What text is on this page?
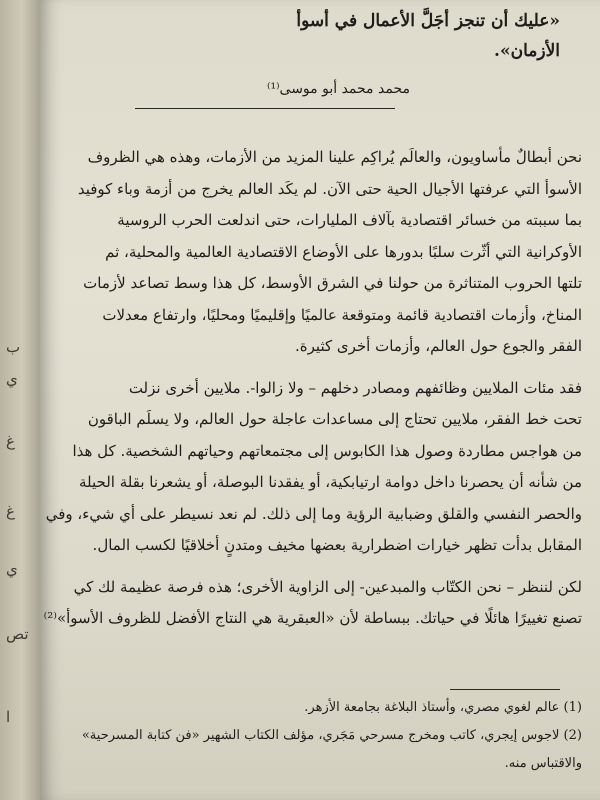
ب
ي
غ
غ
ي
تص
ا
«عليك أن تنجز أجَلَّ الأعمال في أسوأ
الأزمان».
محمد محمد أبو موسى⁽¹⁾

نحن أبطالٌ مأساويون، والعالَم يُراكِم علينا المزيد من الأزمات، وهذه هي الظروف
الأسوأ التي عرفتها الأجيال الحية حتى الآن. لم يكَد العالم يخرج من أزمة وباء كوفيد
بما سببته من خسائر اقتصادية بآلاف المليارات، حتى اندلعت الحرب الروسية
الأوكرانية التي أثّرت سلبًا بدورها على الأوضاع الاقتصادية العالمية والمحلية، ثم
تلتها الحروب المتناثرة من حولنا في الشرق الأوسط، كل هذا وسط تصاعد لأزمات
المناخ، وأزمات اقتصادية قائمة ومتوقعة عالميًا وإقليميًا ومحليًا، وارتفاع معدلات
الفقر والجوع حول العالم، وأزمات أخرى كثيرة.

فقد مئات الملايين وظائفهم ومصادر دخلهم – ولا زالوا-. ملايين أخرى نزلت
تحت خط الفقر، ملايين تحتاج إلى مساعدات عاجلة حول العالم، ولا يسلَم الباقون
من هواجس مطاردة وصول هذا الكابوس إلى مجتمعاتهم وحياتهم الشخصية. كل هذا
من شأنه أن يحصرنا داخل دوامة ارتيابكية، أو يفقدنا البوصلة، أو يشعرنا بقلة الحيلة
والحصر النفسي والقلق وضبابية الرؤية وما إلى ذلك. لم نعد نسيطر على أي شيء، وفي
المقابل بدأت تظهر خيارات اضطرارية بعضها مخيف ومتدنٍ أخلاقيًا لكسب المال.

لكن لننظر – نحن الكتّاب والمبدعين- إلى الزاوية الأخرى؛ هذه فرصة عظيمة لك كي
تصنع تغييرًا هائلًا في حياتك. ببساطة لأن «العبقرية هي النتاج الأفضل للظروف الأسوأ»⁽²⁾

(1) عالم لغوي مصري، وأستاذ البلاغة بجامعة الأزهر.
(2) لاجوس إيجري، كاتب ومخرج مسرحي مَجَري، مؤلف الكتاب الشهير «فن كتابة المسرحية»
والاقتباس منه.
